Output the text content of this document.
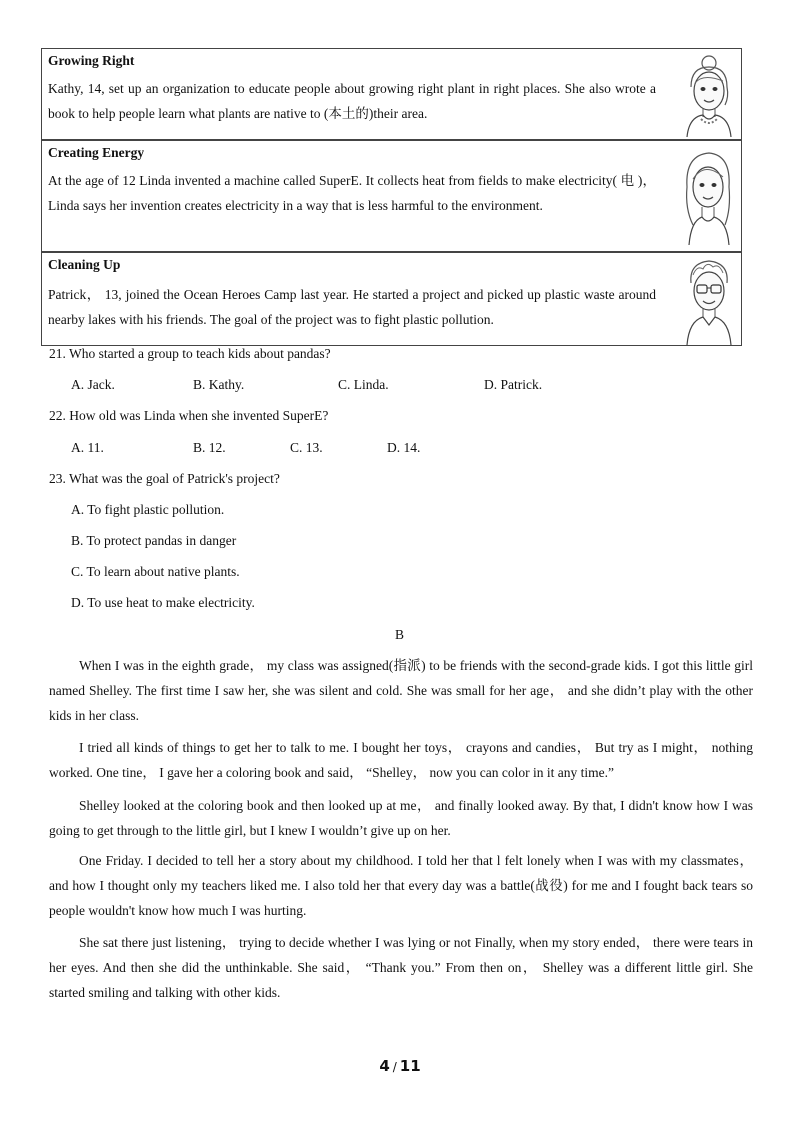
Growing Right
Kathy, 14, set up an organization to educate people about growing right plant in right places. She also wrote a book to help people learn what plants are native to (本土的)their area.
Creating Energy
At the age of 12 Linda invented a machine called SuperE. It collects heat from fields to make electricity( 电 )， Linda says her invention creates electricity in a way that is less harmful to the environment.
Cleaning Up
Patrick， 13, joined the Ocean Heroes Camp last year. He started a project and picked up plastic waste around nearby lakes with his friends. The goal of the project was to fight plastic pollution.
21. Who started a group to teach kids about pandas?
A. Jack.	B. Kathy.	C. Linda.	D. Patrick.
22. How old was Linda when she invented SuperE?
A. 11.	B. 12.	C. 13.	D. 14.
23. What was the goal of Patrick's project?
A. To fight plastic pollution.
B. To protect pandas in danger
C. To learn about native plants.
D. To use heat to make electricity.
B
When I was in the eighth grade， my class was assigned(指派) to be friends with the second-grade kids. I got this little girl named Shelley. The first time I saw her, she was silent and cold. She was small for her age， and she didn’t play with the other kids in her class.
I tried all kinds of things to get her to talk to me. I bought her toys， crayons and candies， But try as I might， nothing worked. One tine， I gave her a coloring book and said， “Shelley， now you can color in it any time.”
Shelley looked at the coloring book and then looked up at me， and finally looked away. By that, I didn't know how I was going to get through to the little girl, but I knew I wouldn’t give up on her.
One Friday. I decided to tell her a story about my childhood. I told her that l felt lonely when I was with my classmates， and how I thought only my teachers liked me. I also told her that every day was a battle(战役) for me and I fought back tears so people wouldn't know how much I was hurting.
She sat there just listening， trying to decide whether I was lying or not Finally, when my story ended， there were tears in her eyes. And then she did the unthinkable. She said， “Thank you.” From then on， Shelley was a different little girl. She started smiling and talking with other kids.
4 / 11
